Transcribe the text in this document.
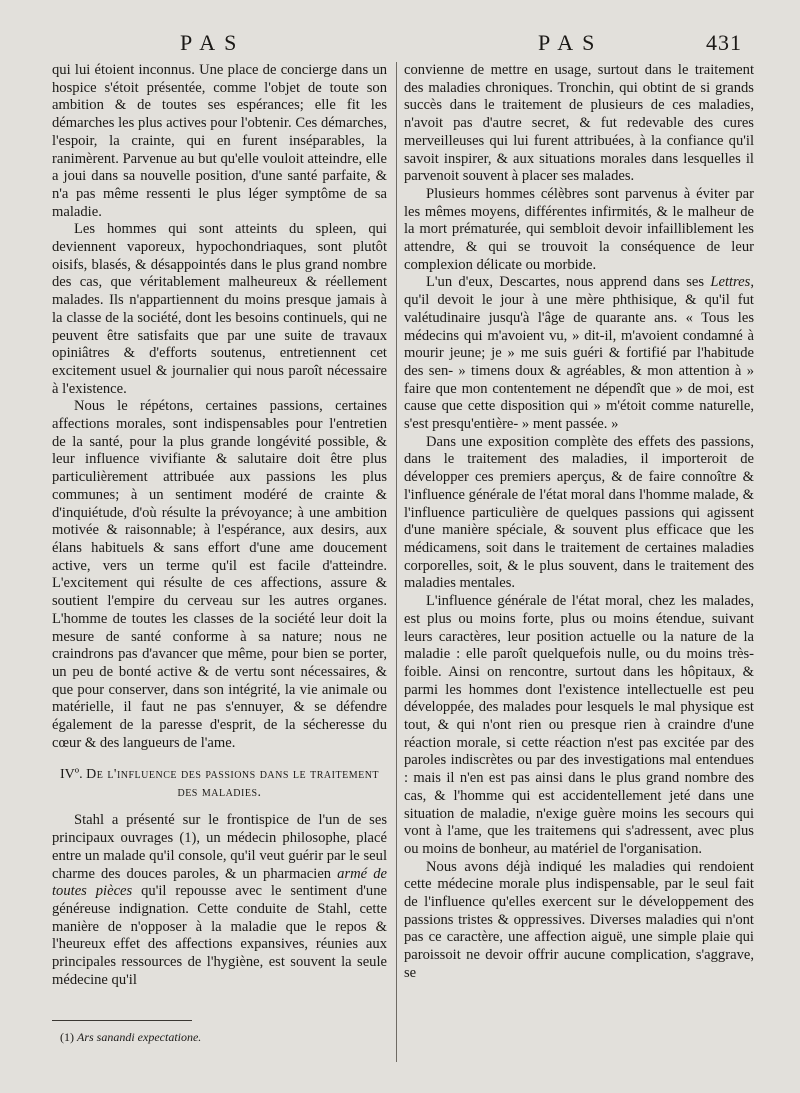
PAS	PAS	431

qui lui étoient inconnus. Une place de concierge dans un hospice s'étoit présentée, comme l'objet de toute son ambition & de toutes ses espérances; elle fit les démarches les plus actives pour l'obtenir. Ces démarches, l'espoir, la crainte, qui en furent inséparables, la ranimèrent. Parvenue au but qu'elle vouloit atteindre, elle a joui dans sa nouvelle position, d'une santé parfaite, & n'a pas même ressenti le plus léger symptôme de sa maladie.

Les hommes qui sont atteints du spleen, qui deviennent vaporeux, hypochondriaques, sont plutôt oisifs, blasés, & désappointés dans le plus grand nombre des cas, que véritablement malheureux & réellement malades. Ils n'appartiennent du moins presque jamais à la classe de la société, dont les besoins continuels, qui ne peuvent être satisfaits que par une suite de travaux opiniâtres & d'efforts soutenus, entretiennent cet excitement usuel & journalier qui nous paroît nécessaire à l'existence.

Nous le répétons, certaines passions, certaines affections morales, sont indispensables pour l'entretien de la santé, pour la plus grande longévité possible, & leur influence vivifiante & salutaire doit être plus particulièrement attribuée aux passions les plus communes; à un sentiment modéré de crainte & d'inquiétude, d'où résulte la prévoyance; à une ambition motivée & raisonnable; à l'espérance, aux desirs, aux élans habituels & sans effort d'une ame doucement active, vers un terme qu'il est facile d'atteindre. L'excitement qui résulte de ces affections, assure & soutient l'empire du cerveau sur les autres organes. L'homme de toutes les classes de la société leur doit la mesure de santé conforme à sa nature; nous ne craindrons pas d'avancer que même, pour bien se porter, un peu de bonté active & de vertu sont nécessaires, & que pour conserver, dans son intégrité, la vie animale ou matérielle, il faut ne pas s'ennuyer, & se défendre également de la paresse d'esprit, de la sécheresse du cœur & des langueurs de l'ame.

IVº. De l'influence des passions dans le traitement des maladies.

Stahl a présenté sur le frontispice de l'un de ses principaux ouvrages (1), un médecin philosophe, placé entre un malade qu'il console, qu'il veut guérir par le seul charme des douces paroles, & un pharmacien armé de toutes pièces qu'il repousse avec le sentiment d'une généreuse indignation. Cette conduite de Stahl, cette manière de n'opposer à la maladie que le repos & l'heureux effet des affections expansives, réunies aux principales ressources de l'hygiène, est souvent la seule médecine qu'il

convienne de mettre en usage, surtout dans le traitement des maladies chroniques. Tronchin, qui obtint de si grands succès dans le traitement de plusieurs de ces maladies, n'avoit pas d'autre secret, & fut redevable des cures merveilleuses qui lui furent attribuées, à la confiance qu'il savoit inspirer, & aux situations morales dans lesquelles il parvenoit souvent à placer ses malades.

Plusieurs hommes célèbres sont parvenus à éviter par les mêmes moyens, différentes infirmités, & le malheur de la mort prématurée, qui sembloit devoir infailliblement les attendre, & qui se trouvoit la conséquence de leur complexion délicate ou morbide.

L'un d'eux, Descartes, nous apprend dans ses Lettres, qu'il devoit le jour à une mère phthisique, & qu'il fut valétudinaire jusqu'à l'âge de quarante ans. « Tous les médecins qui m'avoient vu, » dit-il, m'avoient condamné à mourir jeune; je » me suis guéri & fortifié par l'habitude des sen- » timens doux & agréables, & mon attention à » faire que mon contentement ne dépendît que » de moi, est cause que cette disposition qui » m'étoit comme naturelle, s'est presqu'entière- » ment passée. »

Dans une exposition complète des effets des passions, dans le traitement des maladies, il importeroit de développer ces premiers aperçus, & de faire connoître & l'influence générale de l'état moral dans l'homme malade, & l'influence particulière de quelques passions qui agissent d'une manière spéciale, & souvent plus efficace que les médicamens, soit dans le traitement de certaines maladies corporelles, soit, & le plus souvent, dans le traitement des maladies mentales.

L'influence générale de l'état moral, chez les malades, est plus ou moins forte, plus ou moins étendue, suivant leurs caractères, leur position actuelle ou la nature de la maladie : elle paroît quelquefois nulle, ou du moins très-foible. Ainsi on rencontre, surtout dans les hôpitaux, & parmi les hommes dont l'existence intellectuelle est peu développée, des malades pour lesquels le mal physique est tout, & qui n'ont rien ou presque rien à craindre d'une réaction morale, si cette réaction n'est pas excitée par des paroles indiscrètes ou par des investigations mal entendues : mais il n'en est pas ainsi dans le plus grand nombre des cas, & l'homme qui est accidentellement jeté dans une situation de maladie, n'exige guère moins les secours qui vont à l'ame, que les traitemens qui s'adressent, avec plus ou moins de bonheur, au matériel de l'organisation.

Nous avons déjà indiqué les maladies qui rendoient cette médecine morale plus indispensable, par le seul fait de l'influence qu'elles exercent sur le développement des passions tristes & oppressives. Diverses maladies qui n'ont pas ce caractère, une affection aiguë, une simple plaie qui paroissoit ne devoir offrir aucune complication, s'aggrave, se

(1) Ars sanandi expectatione.
